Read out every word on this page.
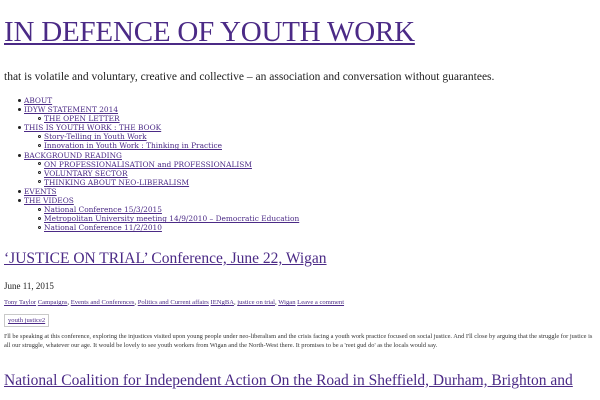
IN DEFENCE OF YOUTH WORK

that is volatile and voluntary, creative and collective – an association and conversation without guarantees.

ABOUT
IDYW STATEMENT 2014
THE OPEN LETTER
THIS IS YOUTH WORK : THE BOOK
Story-Telling in Youth Work
Innovation in Youth Work : Thinking in Practice
BACKGROUND READING
ON PROFESSIONALISATION and PROFESSIONALISM
VOLUNTARY SECTOR
THINKING ABOUT NEO-LIBERALISM
EVENTS
THE VIDEOS
National Conference 15/3/2015
Metropolitan University meeting 14/9/2010 – Democratic Education
National Conference 11/2/2010
‘JUSTICE ON TRIAL’ Conference, June 22, Wigan
June 11, 2015
Tony Taylor Campaigns, Events and Conferences, Politics and Current affairs IENgBA, justice on trial, Wigan Leave a comment
youth justice2

I'll be speaking at this conference, exploring the injustices visited upon young people under neo-liberalism and the crisis facing a youth work practice focused on social justice. And I'll close by arguing that the struggle for justice is all our struggle, whatever our age. It would be lovely to see youth workers from Wigan and the North-West there. It promises to be a 'reet gud do' as the locals would say.

National Coalition for Independent Action On the Road in Sheffield, Durham, Brighton and
